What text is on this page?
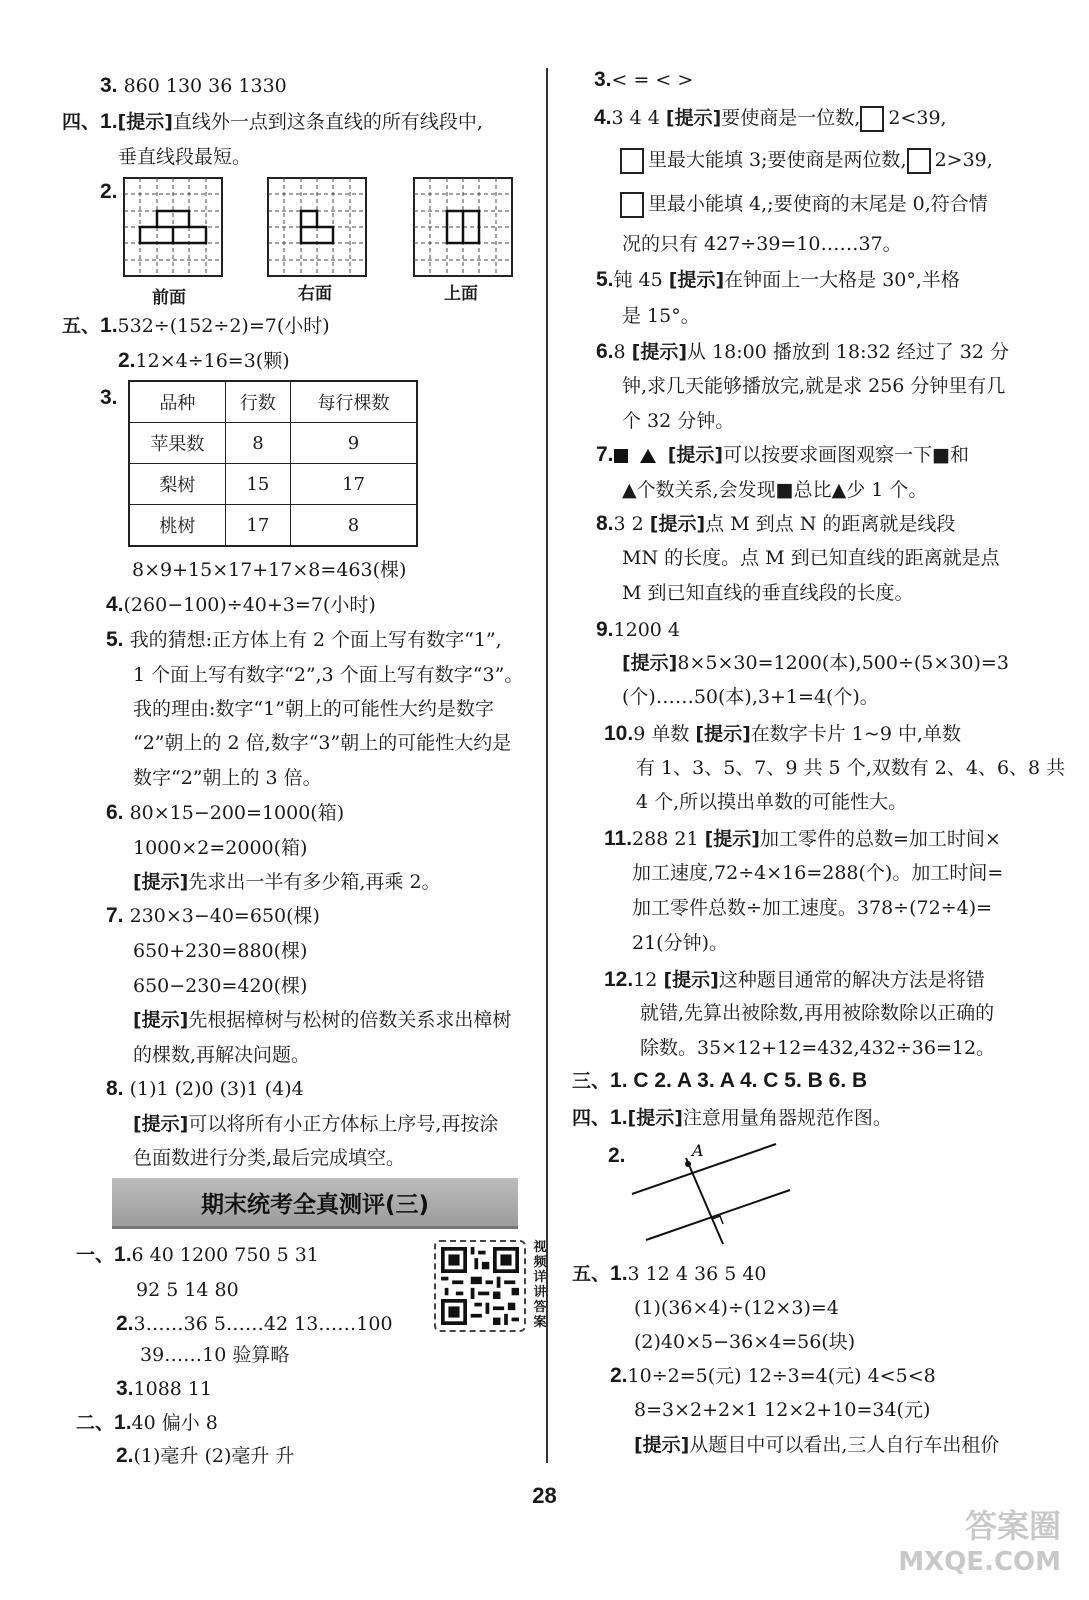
3. 860 130 36 1330
四、1.[提示]直线外一点到这条直线的所有线段中,
垂直线段最短。
2.
前面	右面	上面
五、1.532÷(152÷2)=7(小时)
2.12×4÷16=3(颗)
3. 品种	行数	每行棵数
苹果数	8	9
梨树	15	17
桃树	17	8
8×9+15×17+17×8=463(棵)
4.(260−100)÷40+3=7(小时)
5. 我的猜想:正方体上有 2 个面上写有数字“1”,
1 个面上写有数字“2”,3 个面上写有数字“3”。
我的理由:数字“1”朝上的可能性大约是数字
“2”朝上的 2 倍,数字“3”朝上的可能性大约是
数字“2”朝上的 3 倍。
6. 80×15−200=1000(箱)
1000×2=2000(箱)
[提示]先求出一半有多少箱,再乘 2。
7. 230×3−40=650(棵)
650+230=880(棵)
650−230=420(棵)
[提示]先根据樟树与松树的倍数关系求出樟树
的棵数,再解决问题。
8. (1)1 (2)0 (3)1 (4)4
[提示]可以将所有小正方体标上序号,再按涂
色面数进行分类,最后完成填空。
期末统考全真测评(三)
一、1.6 40 1200 750 5 31
92 5 14 80
2.3……36 5……42 13……100
39……10 验算略
3.1088 11
二、1.40 偏小 8
2.(1)毫升 (2)毫升 升
视频详讲答案
3.< = < >
4.3 4 4 [提示]要使商是一位数, 2<39,
里最大能填 3;要使商是两位数, 2>39,
里最小能填 4,;要使商的末尾是 0,符合情
况的只有 427÷39=10……37。
5.钝 45 [提示]在钟面上一大格是 30°,半格
是 15°。
6.8 [提示]从 18:00 播放到 18:32 经过了 32 分
钟,求几天能够播放完,就是求 256 分钟里有几
个 32 分钟。
7.	[提示]可以按要求画图观察一下■和
▲个数关系,会发现■总比▲少 1 个。
8.3 2 [提示]点 M 到点 N 的距离就是线段
MN 的长度。点 M 到已知直线的距离就是点
M 到已知直线的垂直线段的长度。
9.1200 4
[提示]8×5×30=1200(本),500÷(5×30)=3
(个)……50(本),3+1=4(个)。
10.9 单数 [提示]在数字卡片 1~9 中,单数
有 1、3、5、7、9 共 5 个,双数有 2、4、6、8 共
4 个,所以摸出单数的可能性大。
11.288 21 [提示]加工零件的总数=加工时间×
加工速度,72÷4×16=288(个)。加工时间=
加工零件总数÷加工速度。378÷(72÷4)=
21(分钟)。
12.12 [提示]这种题目通常的解决方法是将错
就错,先算出被除数,再用被除数除以正确的
除数。35×12+12=432,432÷36=12。
三、1. C 2. A 3. A 4. C 5. B 6. B
四、1.[提示]注意用量角器规范作图。
2.	A
五、1.3 12 4 36 5 40
(1)(36×4)÷(12×3)=4
(2)40×5−36×4=56(块)
2.10÷2=5(元) 12÷3=4(元) 4<5<8
8=3×2+2×1 12×2+10=34(元)
[提示]从题目中可以看出,三人自行车出租价
28
答案圈
MXQE.COM
